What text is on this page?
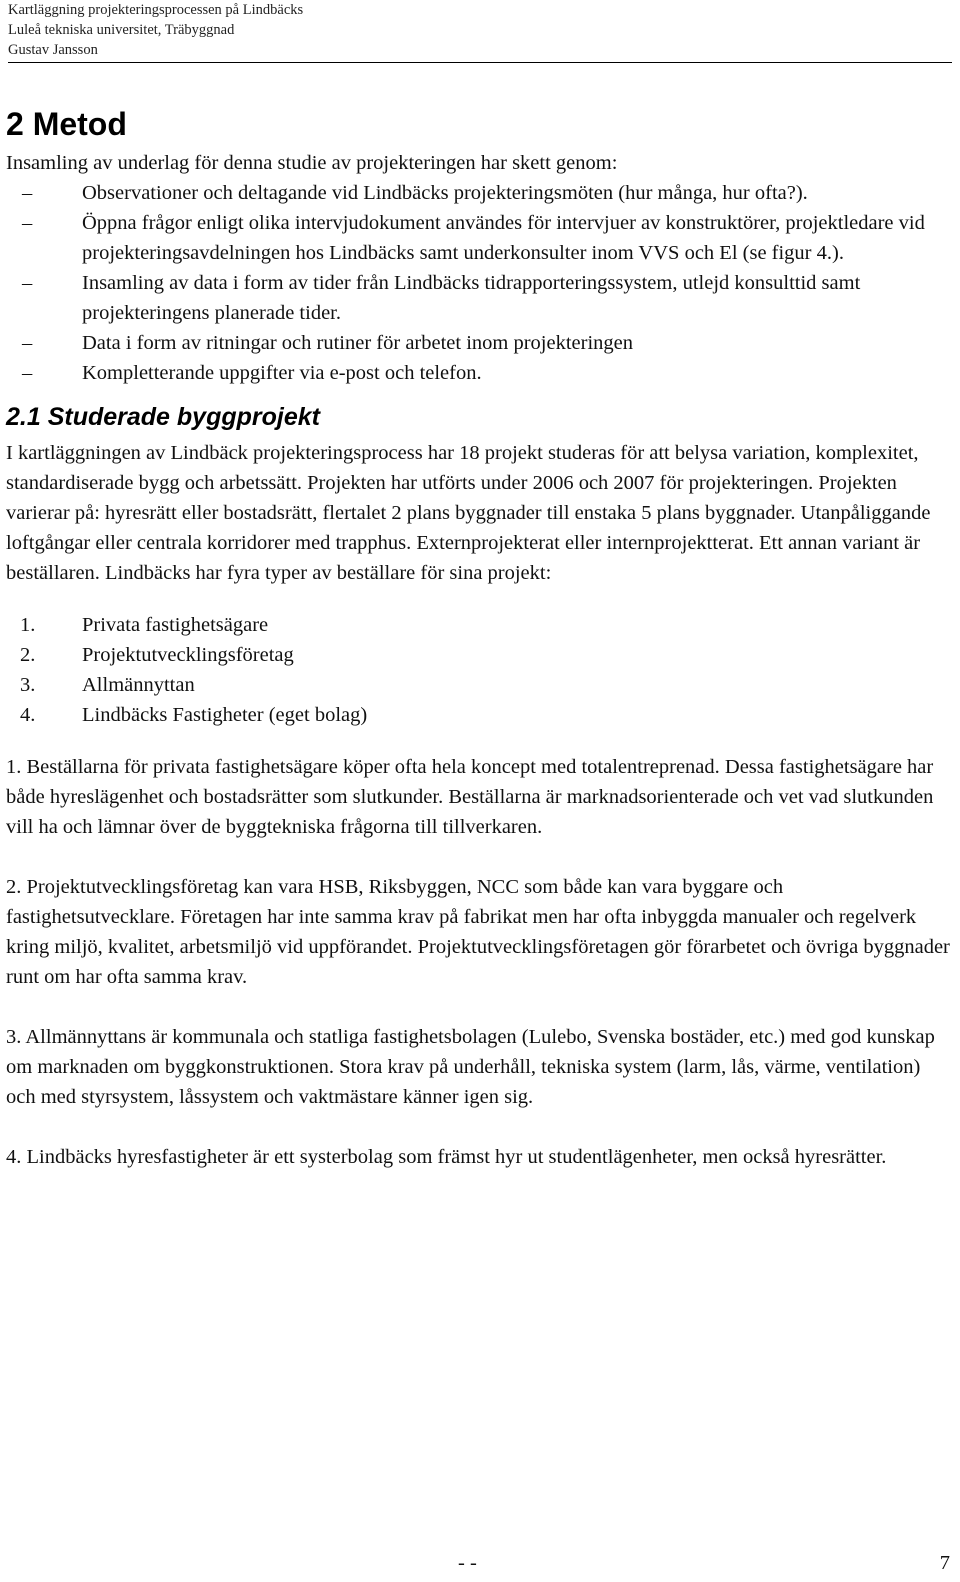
Kartläggning projekteringsprocessen på Lindbäcks
Luleå tekniska universitet, Träbyggnad
Gustav Jansson
2 Metod

Insamling av underlag för denna studie av projekteringen har skett genom:

– Observationer och deltagande vid Lindbäcks projekteringsmöten (hur många, hur ofta?).
– Öppna frågor enligt olika intervjudokument användes för intervjuer av konstruktörer, projektledare vid projekteringsavdelningen hos Lindbäcks samt underkonsulter inom VVS och El (se figur 4.).
– Insamling av data i form av tider från Lindbäcks tidrapporteringssystem, utlejd konsulttid samt projekteringens planerade tider.
– Data i form av ritningar och rutiner för arbetet inom projekteringen
– Kompletterande uppgifter via e-post och telefon.
2.1 Studerade byggprojekt

I kartläggningen av Lindbäck projekteringsprocess har 18 projekt studeras för att belysa variation, komplexitet, standardiserade bygg och arbetssätt. Projekten har utförts under 2006 och 2007 för projekteringen. Projekten varierar på: hyresrätt eller bostadsrätt, flertalet 2 plans byggnader till enstaka 5 plans byggnader. Utanpåliggande loftgångar eller centrala korridorer med trapphus. Externprojekterat eller internprojektterat. Ett annan variant är beställaren. Lindbäcks har fyra typer av beställare för sina projekt:

1. Privata fastighetsägare
2. Projektutvecklingsföretag
3. Allmännyttan
4. Lindbäcks Fastigheter (eget bolag)

1. Beställarna för privata fastighetsägare köper ofta hela koncept med totalentreprenad. Dessa fastighetsägare har både hyreslägenhet och bostadsrätter som slutkunder. Beställarna är marknadsorienterade och vet vad slutkunden vill ha och lämnar över de byggtekniska frågorna till tillverkaren.

2. Projektutvecklingsföretag kan vara HSB, Riksbyggen, NCC som både kan vara byggare och fastighetsutvecklare. Företagen har inte samma krav på fabrikat men har ofta inbyggda manualer och regelverk kring miljö, kvalitet, arbetsmiljö vid uppförandet. Projektutvecklingsföretagen gör förarbetet och övriga byggnader runt om har ofta samma krav.

3. Allmännyttans är kommunala och statliga fastighetsbolagen (Lulebo, Svenska bostäder, etc.) med god kunskap om marknaden om byggkonstruktionen. Stora krav på underhåll, tekniska system (larm, lås, värme, ventilation) och med styrsystem, låssystem och vaktmästare känner igen sig.

4. Lindbäcks hyresfastigheter är ett systerbolag som främst hyr ut studentlägenheter, men också hyresrätter.

- -	7
